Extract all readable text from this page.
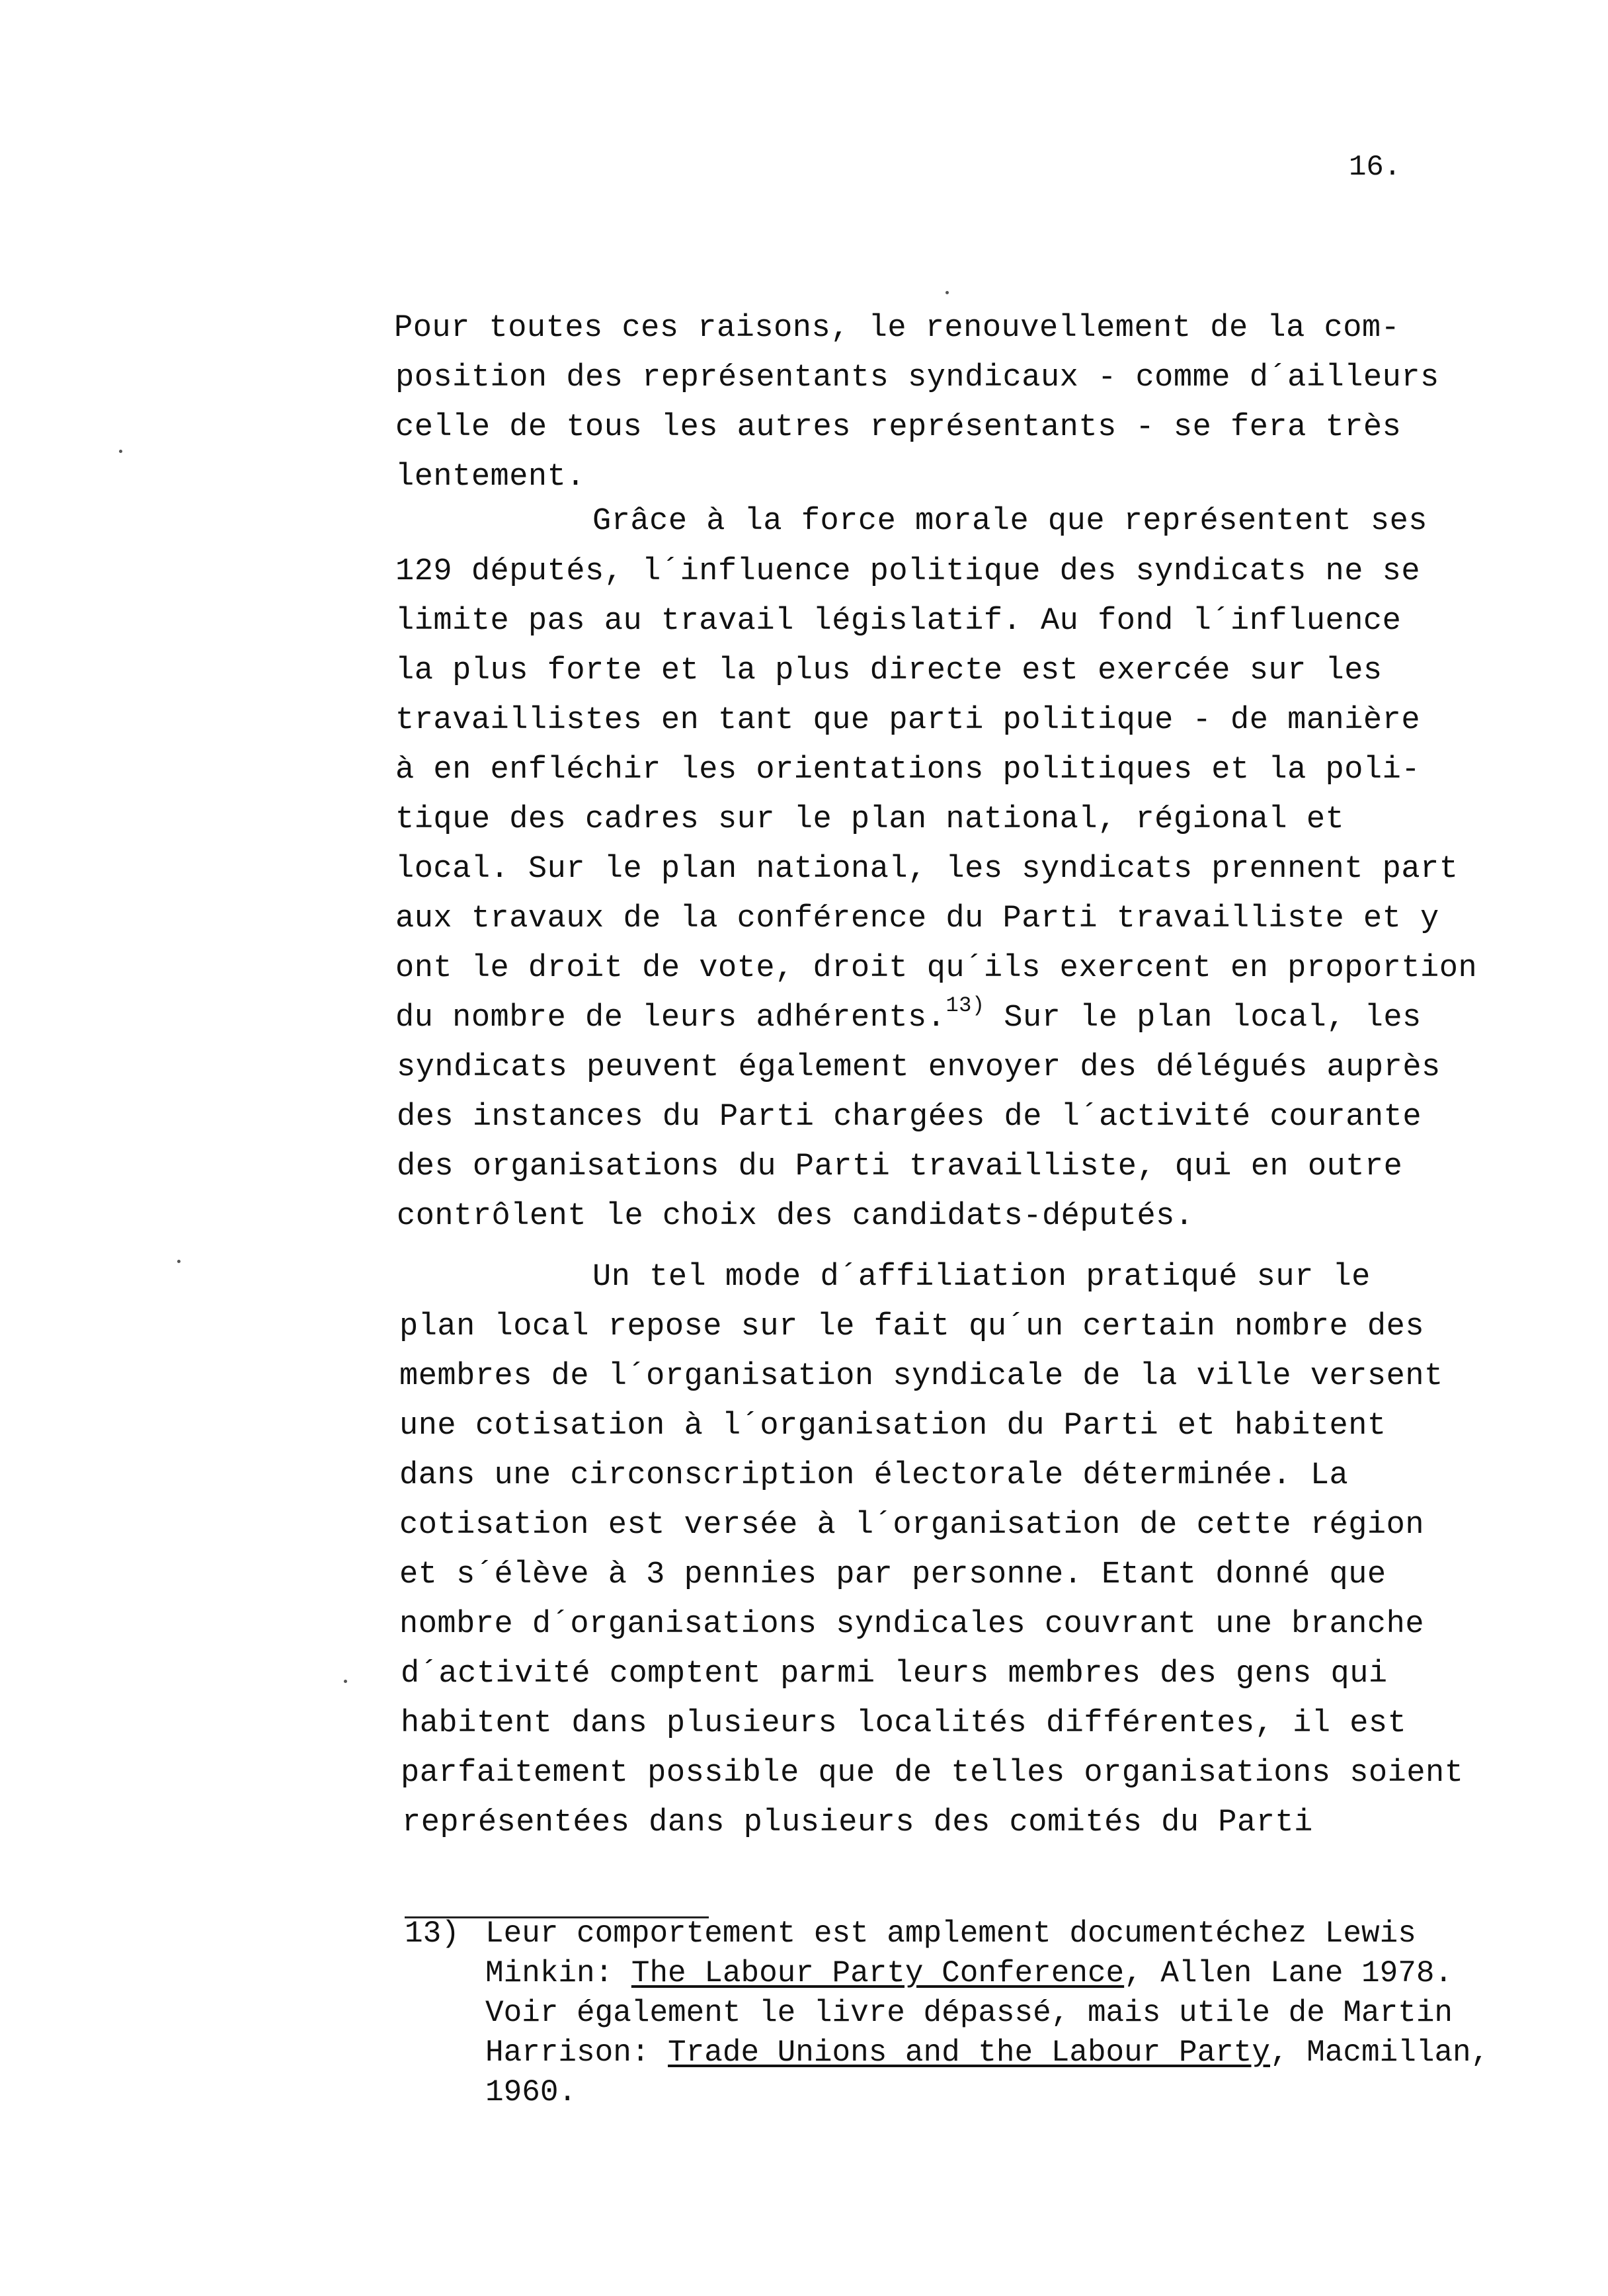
16.
Pour toutes ces raisons, le renouvellement de la com-
position des représentants syndicaux - comme d´ailleurs
celle de tous les autres représentants - se fera très
lentement.
Grâce à la force morale que représentent ses
129 députés, l´influence politique des syndicats ne se
limite pas au travail législatif. Au fond l´influence
la plus forte et la plus directe est exercée sur les
travaillistes en tant que parti politique - de manière
à en enfléchir les orientations politiques et la poli-
tique des cadres sur le plan national, régional et
local. Sur le plan national, les syndicats prennent part
aux travaux de la conférence du Parti travailliste et y
ont le droit de vote, droit qu´ils exercent en proportion
du nombre de leurs adhérents.$^{13)}$ Sur le plan local, les
syndicats peuvent également envoyer des délégués auprès
des instances du Parti chargées de l´activité courante
des organisations du Parti travailliste, qui en outre
contrôlent le choix des candidats-députés.
Un tel mode d´affiliation pratiqué sur le
plan local repose sur le fait qu´un certain nombre des
membres de l´organisation syndicale de la ville versent
une cotisation à l´organisation du Parti et habitent
dans une circonscription électorale déterminée. La
cotisation est versée à l´organisation de cette région
et s´élève à 3 pennies par personne. Etant donné que
nombre d´organisations syndicales couvrant une branche
d´activité comptent parmi leurs membres des gens qui
habitent dans plusieurs localités différentes, il est
parfaitement possible que de telles organisations soient
représentées dans plusieurs des comités du Parti
13) Leur comportement est amplement documentéchez Lewis
Minkin: The Labour Party Conference, Allen Lane 1978.
Voir également le livre dépassé, mais utile de Martin
Harrison: Trade Unions and the Labour Party, Macmillan,
1960.
